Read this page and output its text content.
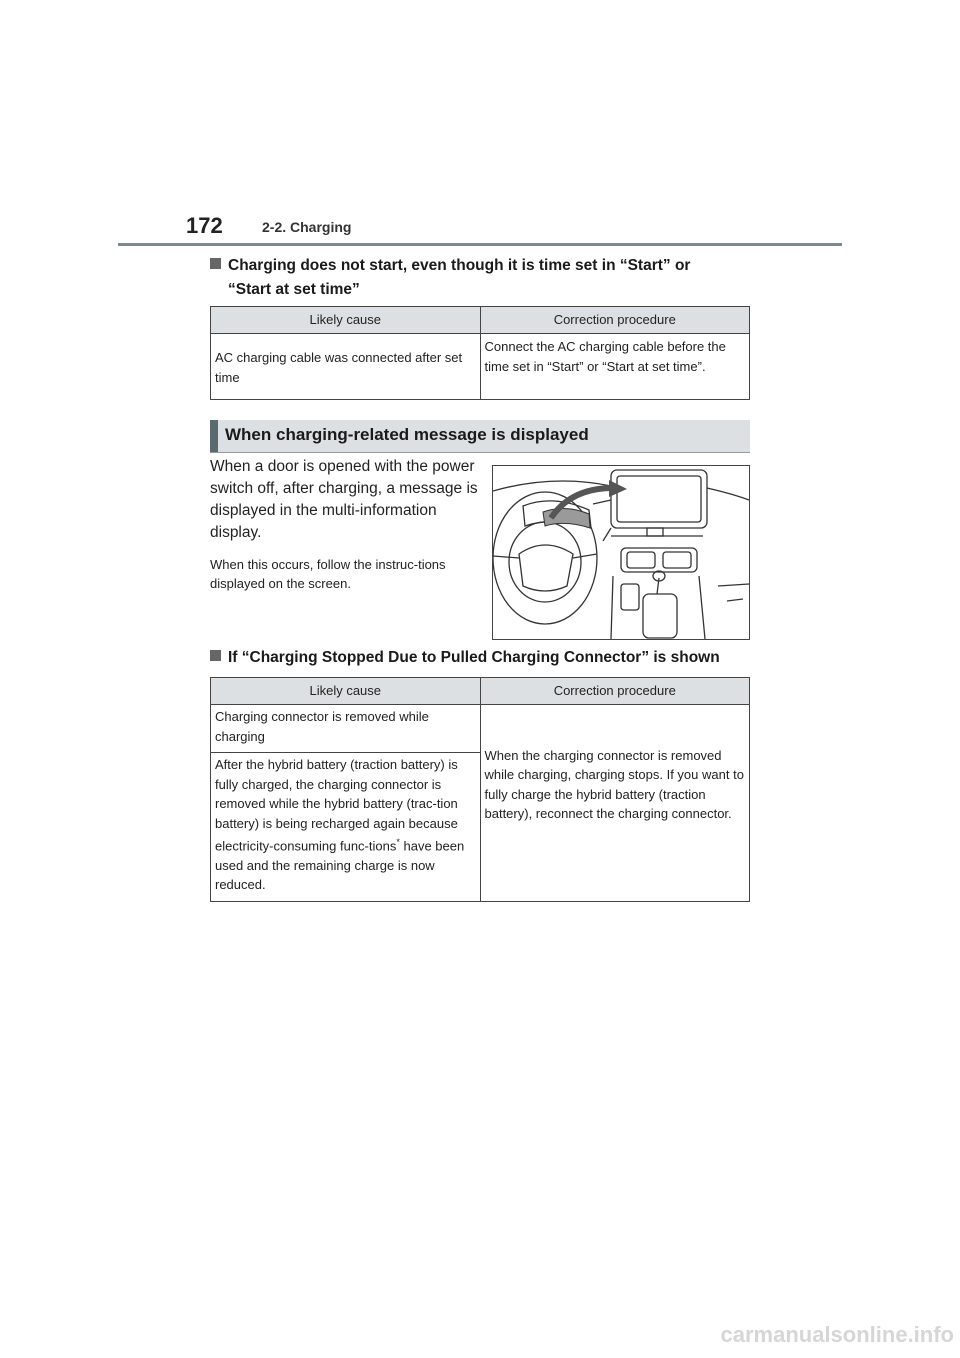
172	2-2. Charging
Charging does not start, even though it is time set in “Start” or
“Start at set time”
Likely cause	Correction procedure
AC charging cable was connected after set time	Connect the AC charging cable before the time set in “Start” or “Start at set time”.
When charging-related message is displayed
When a door is opened with the power switch off, after charging, a message is displayed in the multi-information display.
When this occurs, follow the instruc-tions displayed on the screen.
If “Charging Stopped Due to Pulled Charging Connector” is shown
Likely cause	Correction procedure
Charging connector is removed while charging	When the charging connector is removed while charging, charging stops. If you want to fully charge the hybrid battery (traction battery), reconnect the charging connector.
After the hybrid battery (traction battery) is fully charged, the charging connector is removed while the hybrid battery (trac-tion battery) is being recharged again because electricity-consuming func-tions* have been used and the remaining charge is now reduced.	
carmanualsonline.info
